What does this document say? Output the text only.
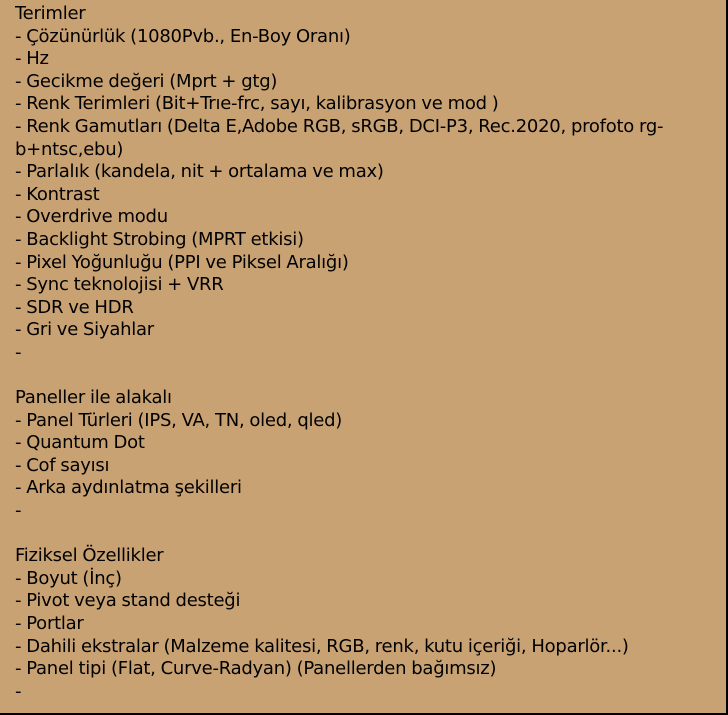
Terimler
- Çözünürlük (1080Pvb., En-Boy Oranı)
- Hz
- Gecikme değeri (Mprt + gtg)
- Renk Terimleri (Bit+Trıe-frc, sayı, kalibrasyon ve mod )
- Renk Gamutları (Delta E,Adobe RGB, sRGB, DCI-P3, Rec.2020, profoto rg-
b+ntsc,ebu)
- Parlalık (kandela, nit + ortalama ve max)
- Kontrast
- Overdrive modu
- Backlight Strobing (MPRT etkisi)
- Pixel Yoğunluğu (PPI ve Piksel Aralığı)
- Sync teknolojisi + VRR
- SDR ve HDR
- Gri ve Siyahlar
-
Paneller ile alakalı
- Panel Türleri (IPS, VA, TN, oled, qled)
- Quantum Dot
- Cof sayısı
- Arka aydınlatma şekilleri
-
Fiziksel Özellikler
- Boyut (İnç)
- Pivot veya stand desteği
- Portlar
- Dahili ekstralar (Malzeme kalitesi, RGB, renk, kutu içeriği, Hoparlör...)
- Panel tipi (Flat, Curve-Radyan) (Panellerden bağımsız)
-
